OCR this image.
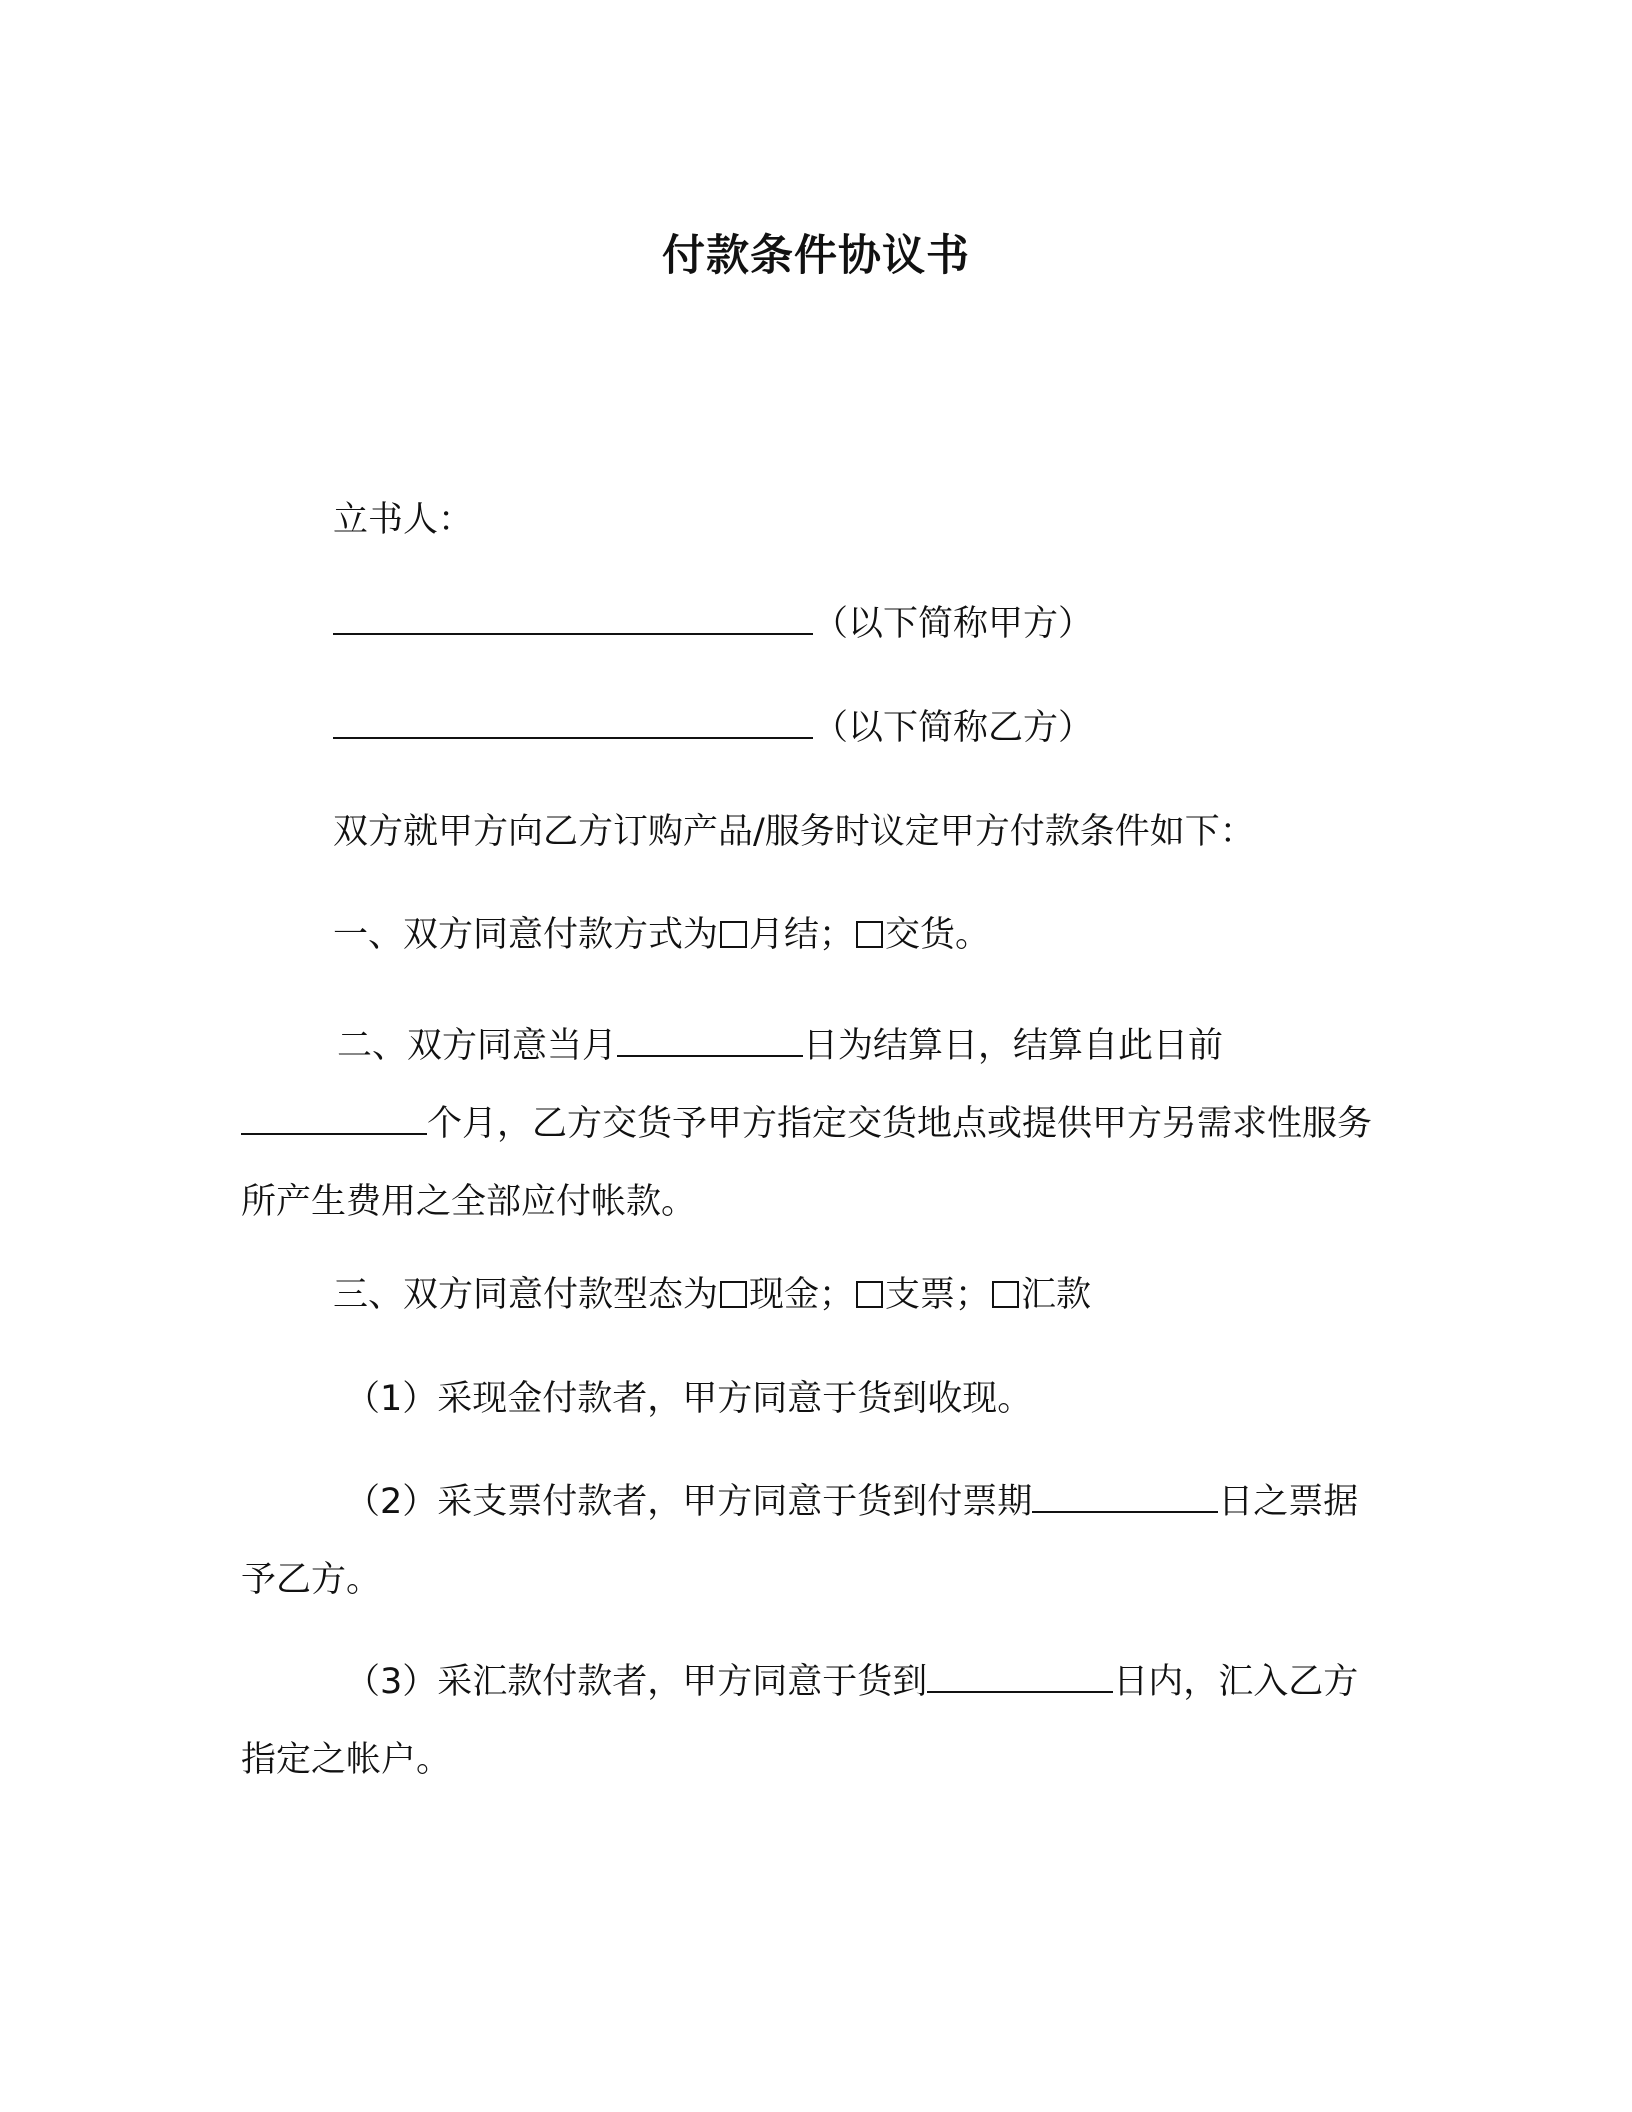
付款条件协议书
立书人：
（以下简称甲方）
（以下简称乙方）
双方就甲方向乙方订购产品/服务时议定甲方付款条件如下：
一、双方同意付款方式为 月结； 交货。
二、双方同意当月	日为结算日，结算自此日前个月，乙方交货予甲方指定交货地点或提供甲方另需求性服务所产生费用之全部应付帐款。
三、双方同意付款型态为 现金； 支票； 汇款
（1）采现金付款者，甲方同意于货到收现。
（2）采支票付款者，甲方同意于货到付票期	日之票据予乙方。
（3）采汇款付款者，甲方同意于货到	日内，汇入乙方指定之帐户。
